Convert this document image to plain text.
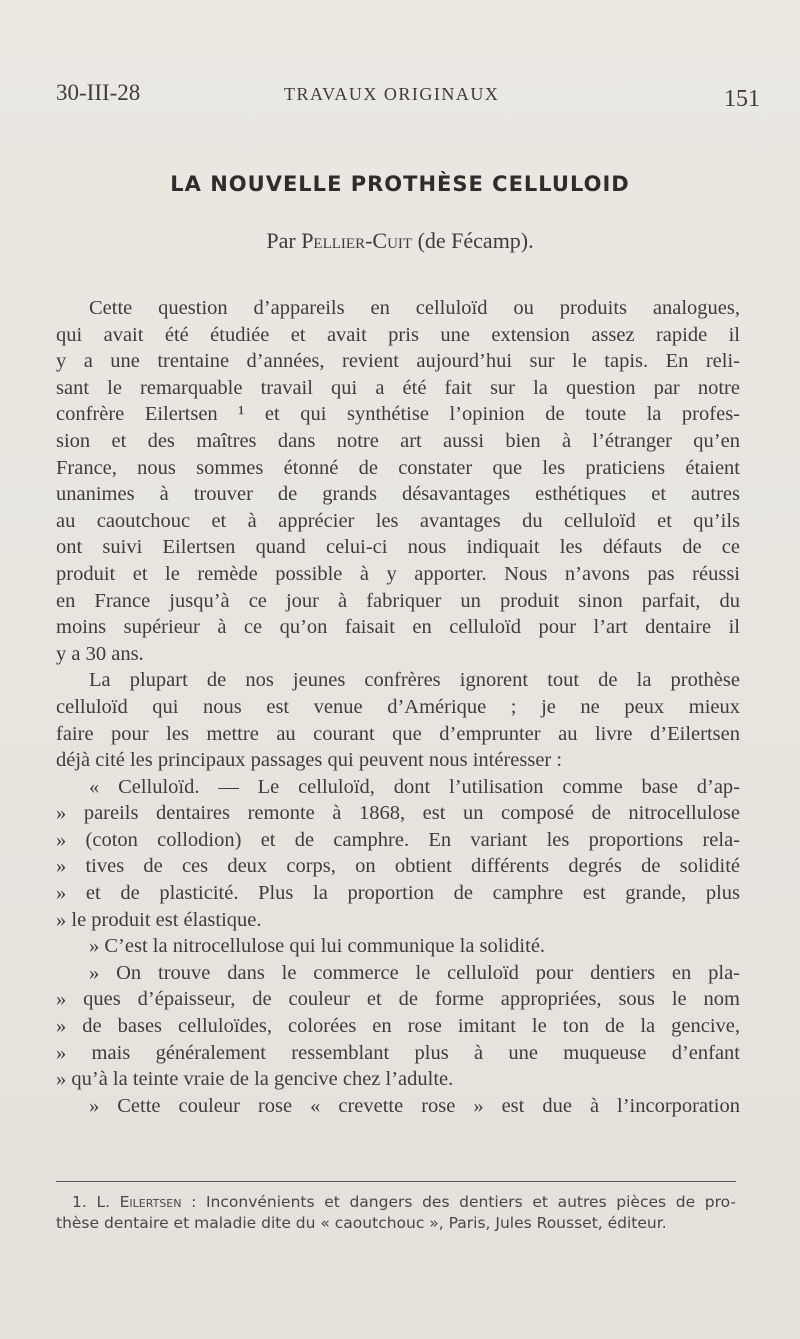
30-III-28	TRAVAUX ORIGINAUX	151
LA NOUVELLE PROTHÈSE CELLULOID
Par Pellier-Cuit (de Fécamp).
Cette question d’appareils en celluloïd ou produits analogues,
qui avait été étudiée et avait pris une extension assez rapide il
y a une trentaine d’années, revient aujourd’hui sur le tapis. En reli-
sant le remarquable travail qui a été fait sur la question par notre
confrère Eilertsen ¹ et qui synthétise l’opinion de toute la profes-
sion et des maîtres dans notre art aussi bien à l’étranger qu’en
France, nous sommes étonné de constater que les praticiens étaient
unanimes à trouver de grands désavantages esthétiques et autres
au caoutchouc et à apprécier les avantages du celluloïd et qu’ils
ont suivi Eilertsen quand celui-ci nous indiquait les défauts de ce
produit et le remède possible à y apporter. Nous n’avons pas réussi
en France jusqu’à ce jour à fabriquer un produit sinon parfait, du
moins supérieur à ce qu’on faisait en celluloïd pour l’art dentaire il
y a 30 ans.
La plupart de nos jeunes confrères ignorent tout de la prothèse
celluloïd qui nous est venue d’Amérique ; je ne peux mieux
faire pour les mettre au courant que d’emprunter au livre d’Eilertsen
déjà cité les principaux passages qui peuvent nous intéresser :
« Celluloïd. — Le celluloïd, dont l’utilisation comme base d’ap-
» pareils dentaires remonte à 1868, est un composé de nitrocellulose
» (coton collodion) et de camphre. En variant les proportions rela-
» tives de ces deux corps, on obtient différents degrés de solidité
» et de plasticité. Plus la proportion de camphre est grande, plus
» le produit est élastique.
» C’est la nitrocellulose qui lui communique la solidité.
» On trouve dans le commerce le celluloïd pour dentiers en pla-
» ques d’épaisseur, de couleur et de forme appropriées, sous le nom
» de bases celluloïdes, colorées en rose imitant le ton de la gencive,
» mais généralement ressemblant plus à une muqueuse d’enfant
» qu’à la teinte vraie de la gencive chez l’adulte.
» Cette couleur rose « crevette rose » est due à l’incorporation
1. L. Eilertsen : Inconvénients et dangers des dentiers et autres pièces de pro-
thèse dentaire et maladie dite du « caoutchouc », Paris, Jules Rousset, éditeur.
